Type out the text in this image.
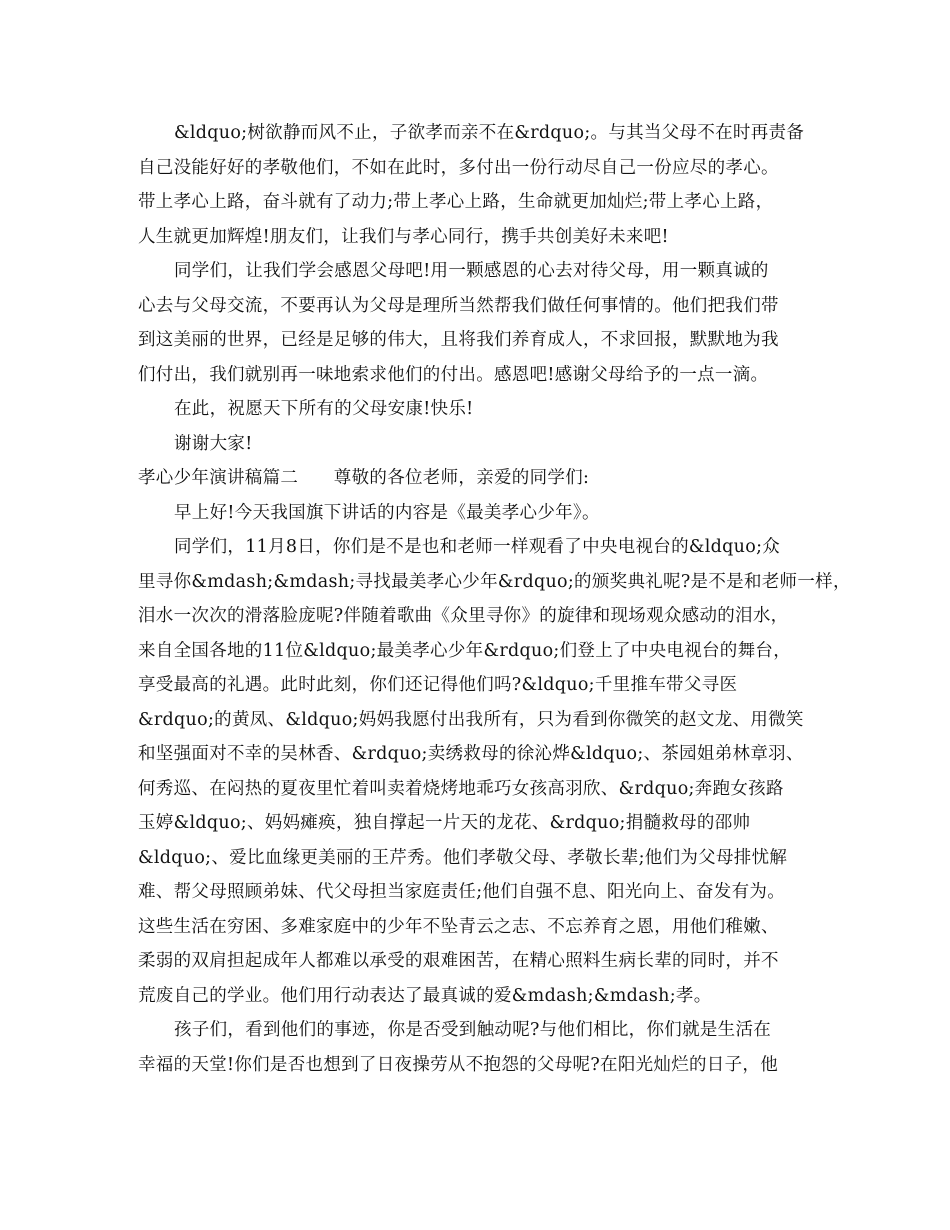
&ldquo;树欲静而风不止，子欲孝而亲不在&rdquo;。与其当父母不在时再责备
自己没能好好的孝敬他们，不如在此时，多付出一份行动尽自己一份应尽的孝心。
带上孝心上路，奋斗就有了动力;带上孝心上路，生命就更加灿烂;带上孝心上路，
人生就更加辉煌!朋友们，让我们与孝心同行，携手共创美好未来吧!
同学们，让我们学会感恩父母吧!用一颗感恩的心去对待父母，用一颗真诚的
心去与父母交流，不要再认为父母是理所当然帮我们做任何事情的。他们把我们带
到这美丽的世界，已经是足够的伟大，且将我们养育成人，不求回报，默默地为我
们付出，我们就别再一味地索求他们的付出。感恩吧!感谢父母给予的一点一滴。
在此，祝愿天下所有的父母安康!快乐!
谢谢大家!
孝心少年演讲稿篇二　　尊敬的各位老师，亲爱的同学们:
早上好!今天我国旗下讲话的内容是《最美孝心少年》。
同学们，11月8日，你们是不是也和老师一样观看了中央电视台的&ldquo;众
里寻你&mdash;&mdash;寻找最美孝心少年&rdquo;的颁奖典礼呢?是不是和老师一样，
泪水一次次的滑落脸庞呢?伴随着歌曲《众里寻你》的旋律和现场观众感动的泪水，
来自全国各地的11位&ldquo;最美孝心少年&rdquo;们登上了中央电视台的舞台，
享受最高的礼遇。此时此刻，你们还记得他们吗?&ldquo;千里推车带父寻医
&rdquo;的黄凤、&ldquo;妈妈我愿付出我所有，只为看到你微笑的赵文龙、用微笑
和坚强面对不幸的吴林香、&rdquo;卖绣救母的徐沁烨&ldquo;、茶园姐弟林章羽、
何秀巡、在闷热的夏夜里忙着叫卖着烧烤地乖巧女孩高羽欣、&rdquo;奔跑女孩路
玉婷&ldquo;、妈妈瘫痪，独自撑起一片天的龙花、&rdquo;捐髓救母的邵帅
&ldquo;、爱比血缘更美丽的王芹秀。他们孝敬父母、孝敬长辈;他们为父母排忧解
难、帮父母照顾弟妹、代父母担当家庭责任;他们自强不息、阳光向上、奋发有为。
这些生活在穷困、多难家庭中的少年不坠青云之志、不忘养育之恩，用他们稚嫩、
柔弱的双肩担起成年人都难以承受的艰难困苦，在精心照料生病长辈的同时，并不
荒废自己的学业。他们用行动表达了最真诚的爱&mdash;&mdash;孝。
孩子们，看到他们的事迹，你是否受到触动呢?与他们相比，你们就是生活在
幸福的天堂!你们是否也想到了日夜操劳从不抱怨的父母呢?在阳光灿烂的日子，他
